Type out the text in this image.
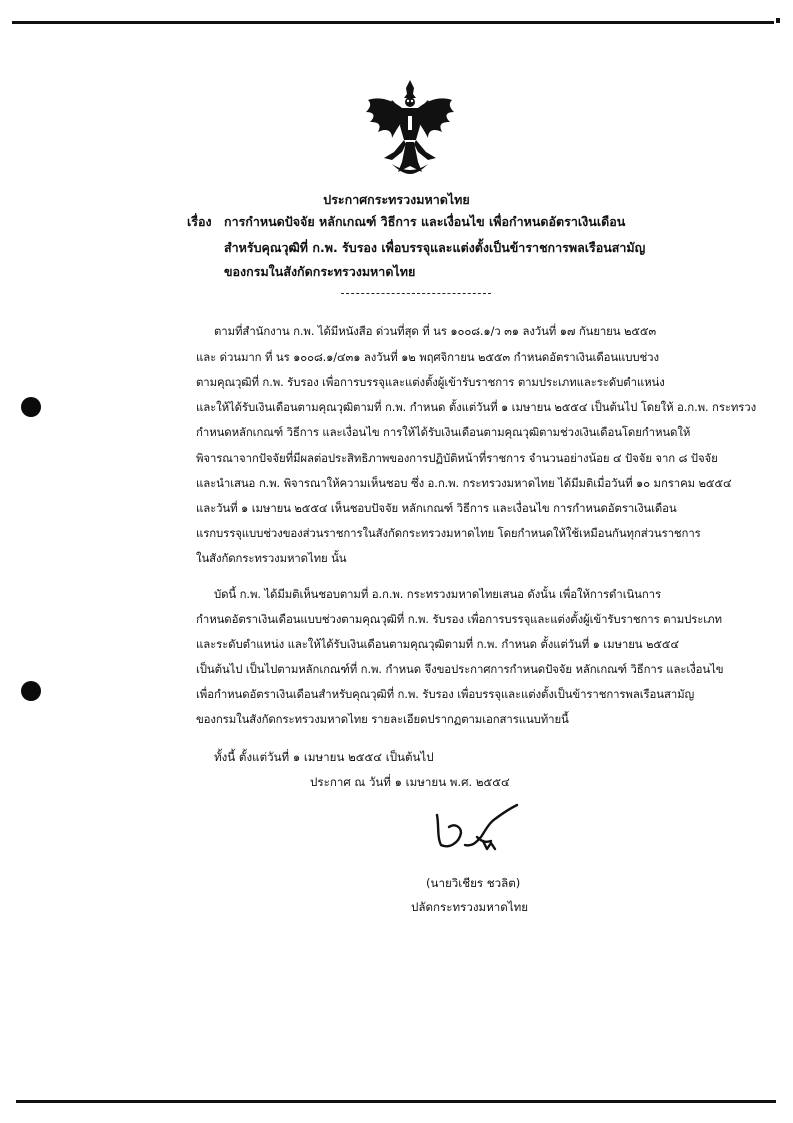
ประกาศกระทรวงมหาดไทย
เรื่อง การกำหนดปัจจัย หลักเกณฑ์ วิธีการ และเงื่อนไข เพื่อกำหนดอัตราเงินเดือน
สำหรับคุณวุฒิที่ ก.พ. รับรอง เพื่อบรรจุและแต่งตั้งเป็นข้าราชการพลเรือนสามัญ
ของกรมในสังกัดกระทรวงมหาดไทย
ตามที่สำนักงาน ก.พ. ได้มีหนังสือ ด่วนที่สุด ที่ นร ๑๐๐๘.๑/ว ๓๑ ลงวันที่ ๑๗ กันยายน ๒๕๕๓
และ ด่วนมาก ที่ นร ๑๐๐๘.๑/๔๓๑ ลงวันที่ ๑๒ พฤศจิกายน ๒๕๕๓ กำหนดอัตราเงินเดือนแบบช่วง
ตามคุณวุฒิที่ ก.พ. รับรอง เพื่อการบรรจุและแต่งตั้งผู้เข้ารับราชการ ตามประเภทและระดับตำแหน่ง
และให้ได้รับเงินเดือนตามคุณวุฒิตามที่ ก.พ. กำหนด ตั้งแต่วันที่ ๑ เมษายน ๒๕๕๔ เป็นต้นไป โดยให้ อ.ก.พ. กระทรวง
กำหนดหลักเกณฑ์ วิธีการ และเงื่อนไข การให้ได้รับเงินเดือนตามคุณวุฒิตามช่วงเงินเดือนโดยกำหนดให้
พิจารณาจากปัจจัยที่มีผลต่อประสิทธิภาพของการปฏิบัติหน้าที่ราชการ จำนวนอย่างน้อย ๔ ปัจจัย จาก ๘ ปัจจัย
และนำเสนอ ก.พ. พิจารณาให้ความเห็นชอบ ซึ่ง อ.ก.พ. กระทรวงมหาดไทย ได้มีมติเมื่อวันที่ ๑๐ มกราคม ๒๕๕๔
และวันที่ ๑ เมษายน ๒๕๕๔ เห็นชอบปัจจัย หลักเกณฑ์ วิธีการ และเงื่อนไข การกำหนดอัตราเงินเดือน
แรกบรรจุแบบช่วงของส่วนราชการในสังกัดกระทรวงมหาดไทย โดยกำหนดให้ใช้เหมือนกันทุกส่วนราชการ
ในสังกัดกระทรวงมหาดไทย นั้น
บัดนี้ ก.พ. ได้มีมติเห็นชอบตามที่ อ.ก.พ. กระทรวงมหาดไทยเสนอ ดังนั้น เพื่อให้การดำเนินการ
กำหนดอัตราเงินเดือนแบบช่วงตามคุณวุฒิที่ ก.พ. รับรอง เพื่อการบรรจุและแต่งตั้งผู้เข้ารับราชการ ตามประเภท
และระดับตำแหน่ง และให้ได้รับเงินเดือนตามคุณวุฒิตามที่ ก.พ. กำหนด ตั้งแต่วันที่ ๑ เมษายน ๒๕๕๔
เป็นต้นไป เป็นไปตามหลักเกณฑ์ที่ ก.พ. กำหนด จึงขอประกาศการกำหนดปัจจัย หลักเกณฑ์ วิธีการ และเงื่อนไข
เพื่อกำหนดอัตราเงินเดือนสำหรับคุณวุฒิที่ ก.พ. รับรอง เพื่อบรรจุและแต่งตั้งเป็นข้าราชการพลเรือนสามัญ
ของกรมในสังกัดกระทรวงมหาดไทย รายละเอียดปรากฏตามเอกสารแนบท้ายนี้
ทั้งนี้ ตั้งแต่วันที่ ๑ เมษายน ๒๕๕๔ เป็นต้นไป
ประกาศ ณ วันที่ ๑ เมษายน พ.ศ. ๒๕๕๔
(นายวิเชียร ชวลิต)
ปลัดกระทรวงมหาดไทย
